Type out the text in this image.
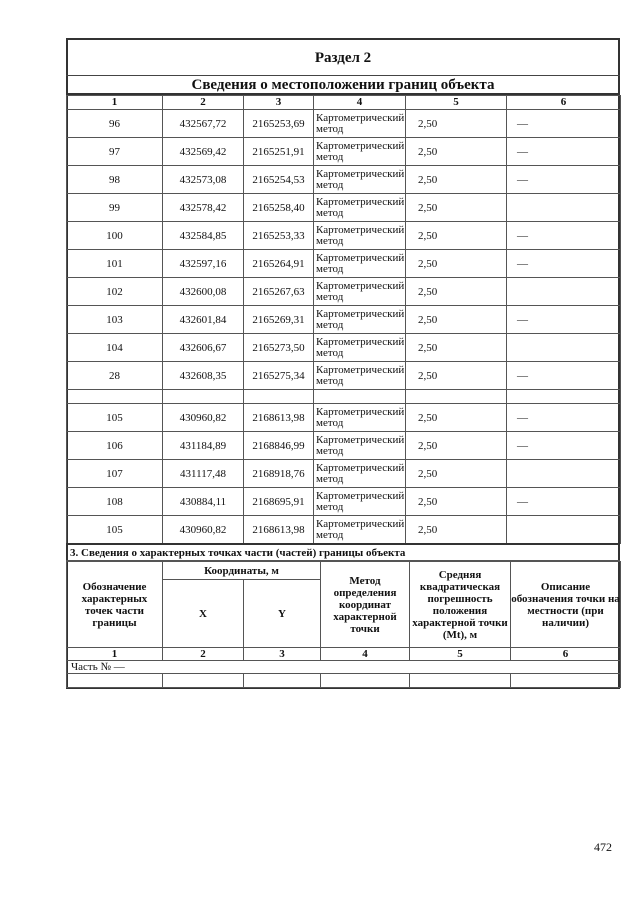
Раздел 2
Сведения о местоположении границ объекта
1	2	3	4	5	6
96	432567,72	2165253,69	Картометрический метод	2,50	—
97	432569,42	2165251,91	Картометрический метод	2,50	—
98	432573,08	2165254,53	Картометрический метод	2,50	—
99	432578,42	2165258,40	Картометрический метод	2,50	
100	432584,85	2165253,33	Картометрический метод	2,50	—
101	432597,16	2165264,91	Картометрический метод	2,50	—
102	432600,08	2165267,63	Картометрический метод	2,50	
103	432601,84	2165269,31	Картометрический метод	2,50	—
104	432606,67	2165273,50	Картометрический метод	2,50	
28	432608,35	2165275,34	Картометрический метод	2,50	—

105	430960,82	2168613,98	Картометрический метод	2,50	—
106	431184,89	2168846,99	Картометрический метод	2,50	—
107	431117,48	2168918,76	Картометрический метод	2,50	
108	430884,11	2168695,91	Картометрический метод	2,50	—
105	430960,82	2168613,98	Картометрический метод	2,50	
3. Сведения о характерных точках части (частей) границы объекта
Обозначение характерных точек части границы	Координаты, м		Метод определения координат характерной точки	Средняя квадратическая погрешность положения характерной точки (Mt), м	Описание обозначения точки на местности (при наличии)
	X	Y			
1	2	3	4	5	6
Часть № —					

472
